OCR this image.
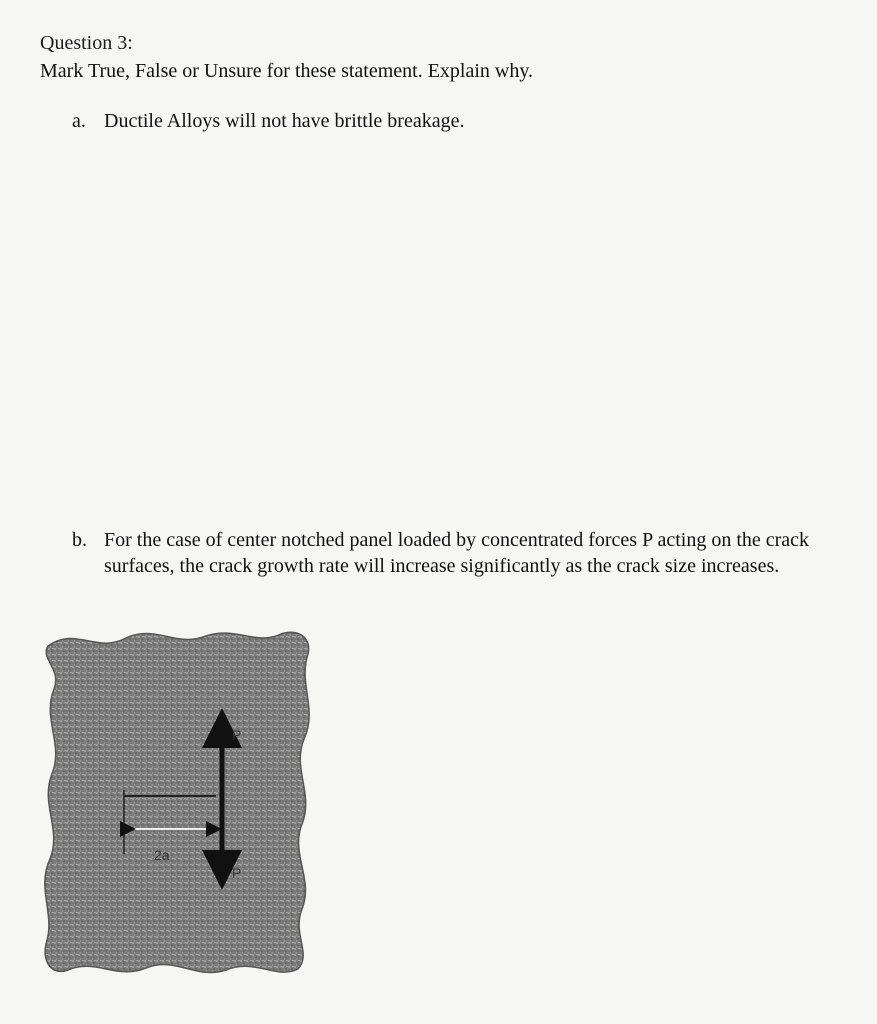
Question 3:
Mark True, False or Unsure for these statement. Explain why.
a. Ductile Alloys will not have brittle breakage.
b. For the case of center notched panel loaded by concentrated forces P acting on the crack surfaces, the crack growth rate will increase significantly as the crack size increases.
P
P
2a
